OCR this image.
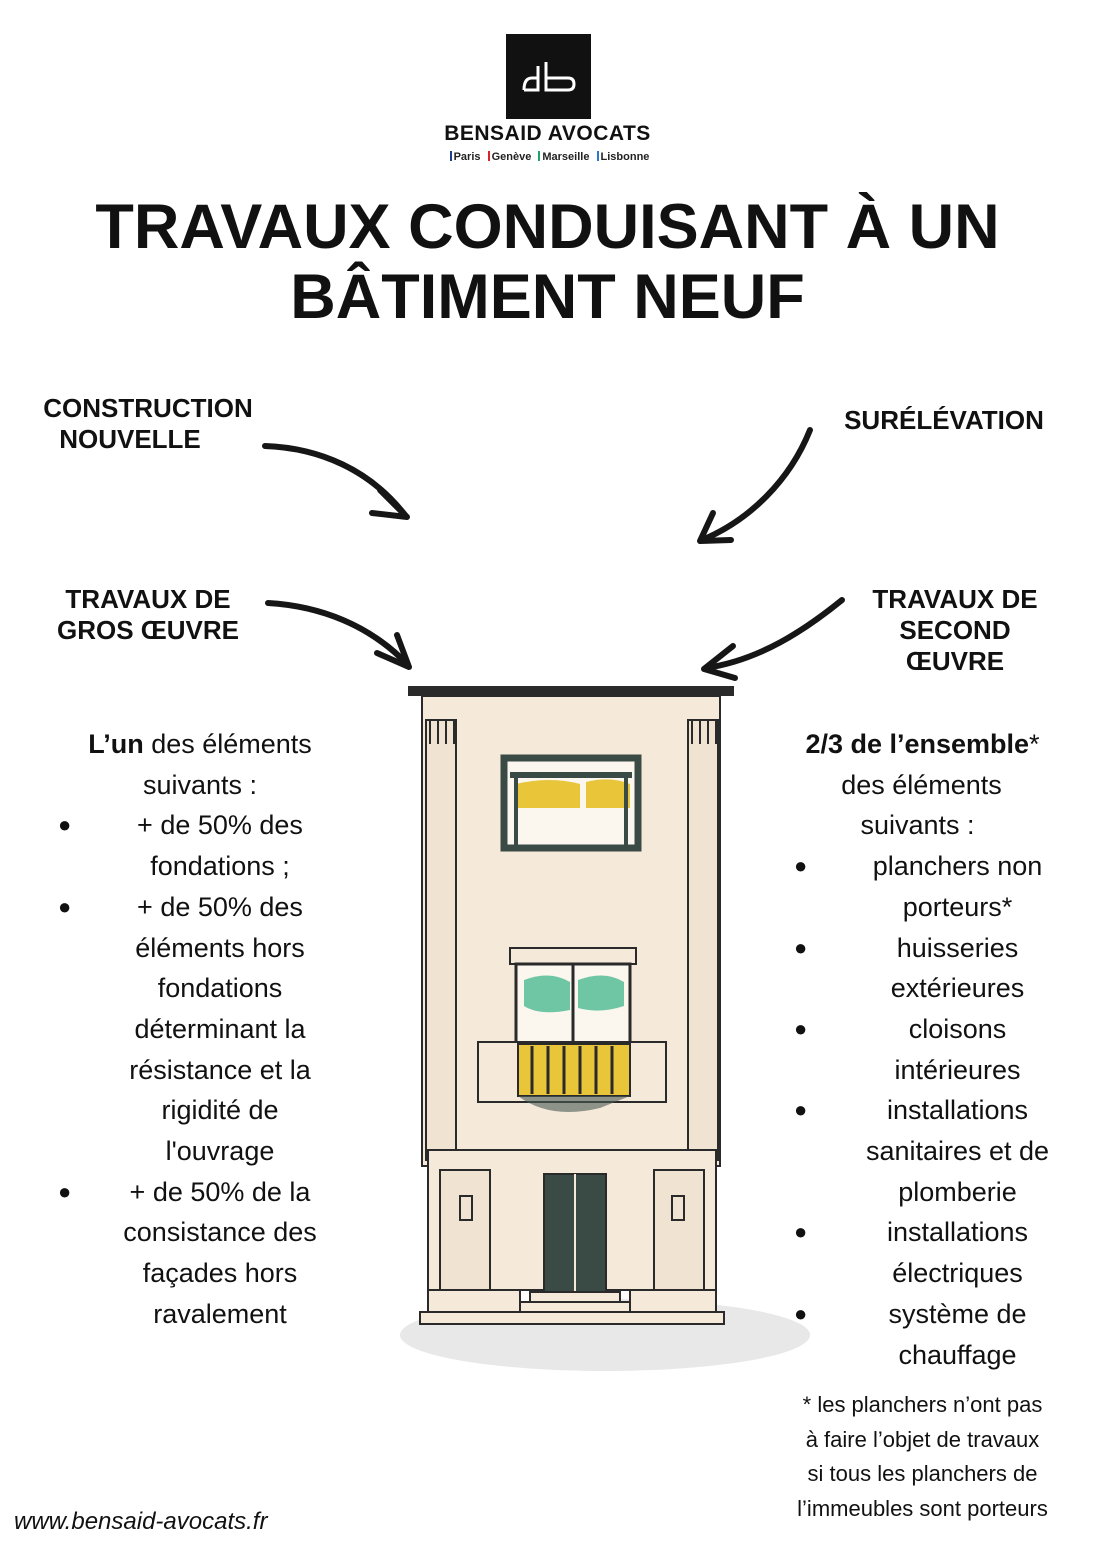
BENSAID AVOCATS
Paris Genève Marseille Lisbonne
TRAVAUX CONDUISANT À UN
BÂTIMENT NEUF
CONSTRUCTION
NOUVELLE
SURÉLÉVATION
TRAVAUX DE
GROS ŒUVRE
TRAVAUX DE
SECOND
ŒUVRE
L’un des éléments
suivants :
●	+ de 50% des
fondations ;
●	+ de 50% des
éléments hors
fondations
déterminant la
résistance et la
rigidité de
l'ouvrage
●	+ de 50% de la
consistance des
façades hors
ravalement
2/3 de l’ensemble*
des éléments
suivants :
●	planchers non
porteurs*
●	huisseries
extérieures
●	cloisons
intérieures
●	installations
sanitaires et de
plomberie
●	installations
électriques
●	système de
chauffage
* les planchers n’ont pas
à faire l’objet de travaux
si tous les planchers de
l’immeubles sont porteurs
www.bensaid-avocats.fr
